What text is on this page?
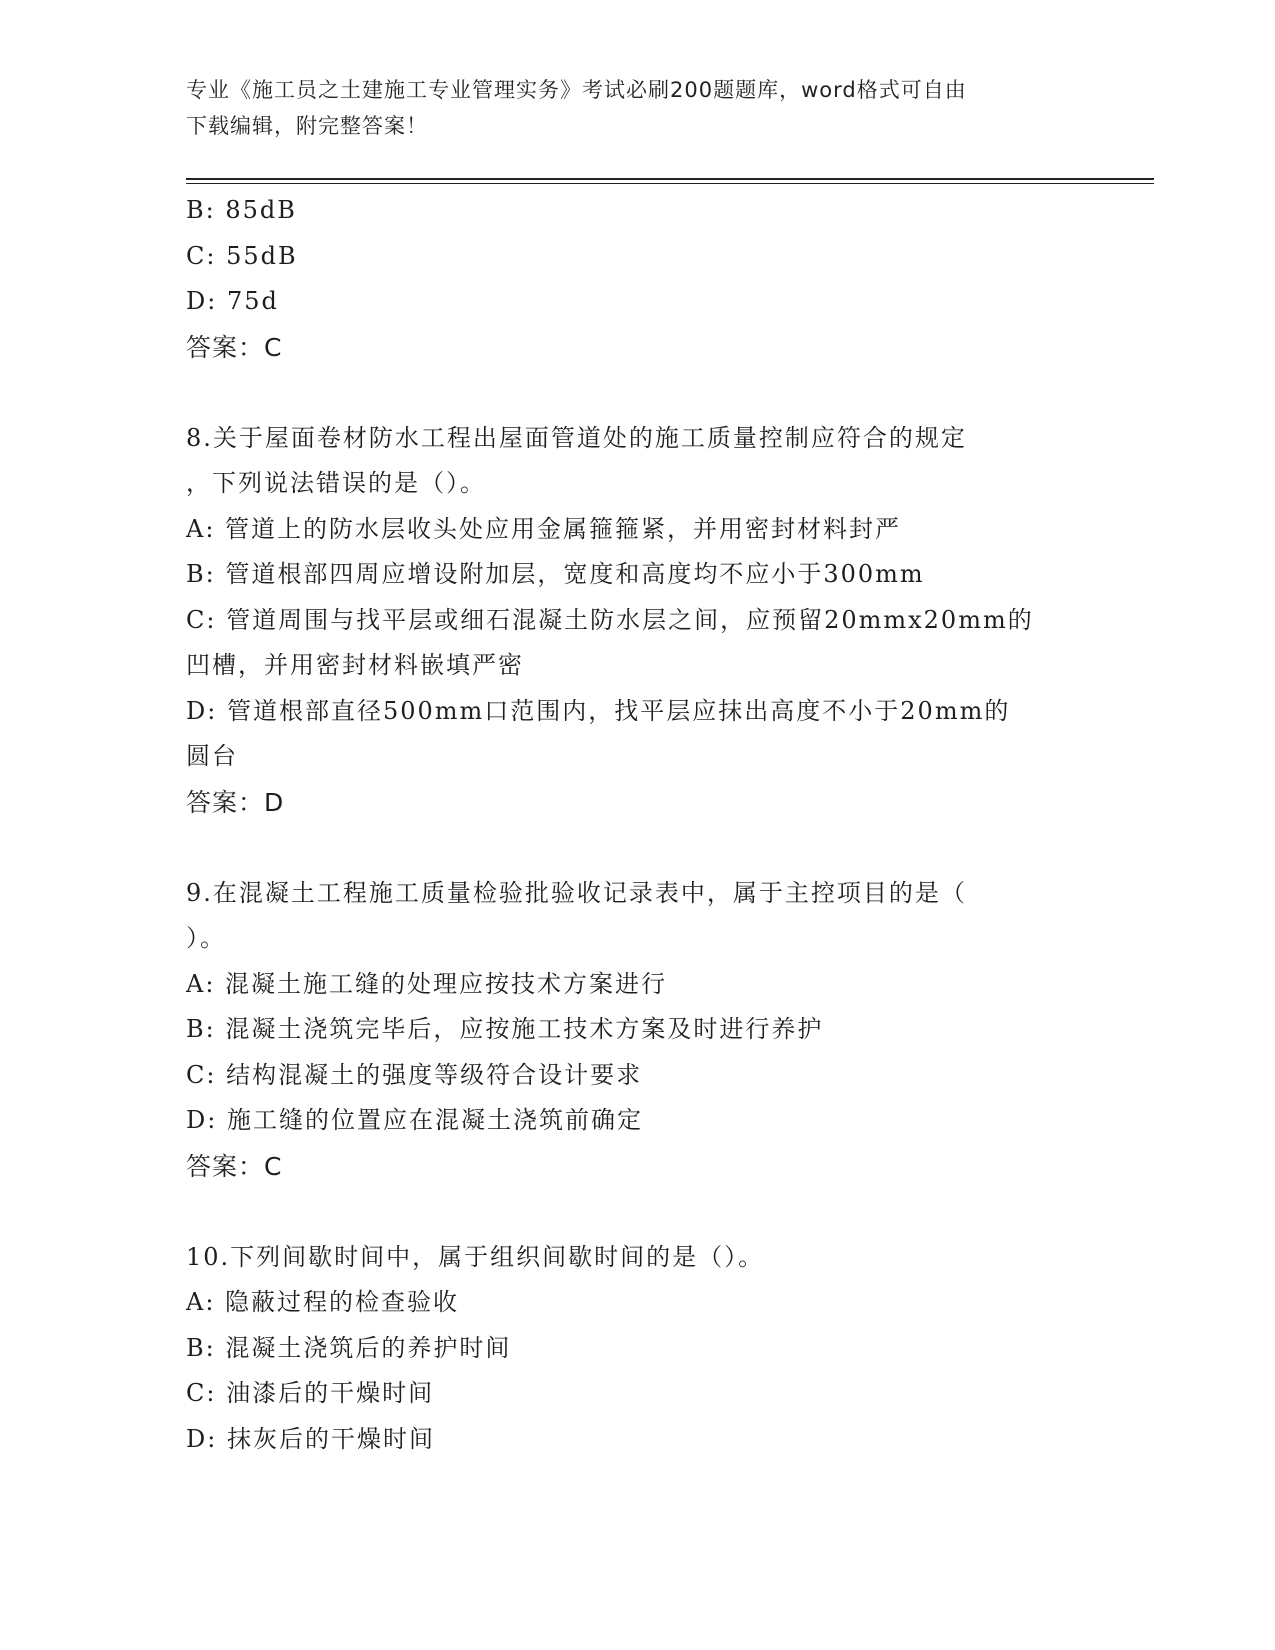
专业《施工员之土建施工专业管理实务》考试必刷200题题库，word格式可自由
下载编辑，附完整答案！
B: 85dB
C: 55dB
D: 75d
答案：C
8.关于屋面卷材防水工程出屋面管道处的施工质量控制应符合的规定
，下列说法错误的是（）。
A: 管道上的防水层收头处应用金属箍箍紧，并用密封材料封严
B: 管道根部四周应增设附加层，宽度和高度均不应小于300mm
C: 管道周围与找平层或细石混凝土防水层之间，应预留20mmx20mm的
凹槽，并用密封材料嵌填严密
D: 管道根部直径500mm口范围内，找平层应抹出高度不小于20mm的
圆台
答案：D
9.在混凝土工程施工质量检验批验收记录表中，属于主控项目的是（
）。
A: 混凝土施工缝的处理应按技术方案进行
B: 混凝土浇筑完毕后，应按施工技术方案及时进行养护
C: 结构混凝土的强度等级符合设计要求
D: 施工缝的位置应在混凝土浇筑前确定
答案：C
10.下列间歇时间中，属于组织间歇时间的是（）。
A: 隐蔽过程的检查验收
B: 混凝土浇筑后的养护时间
C: 油漆后的干燥时间
D: 抹灰后的干燥时间
